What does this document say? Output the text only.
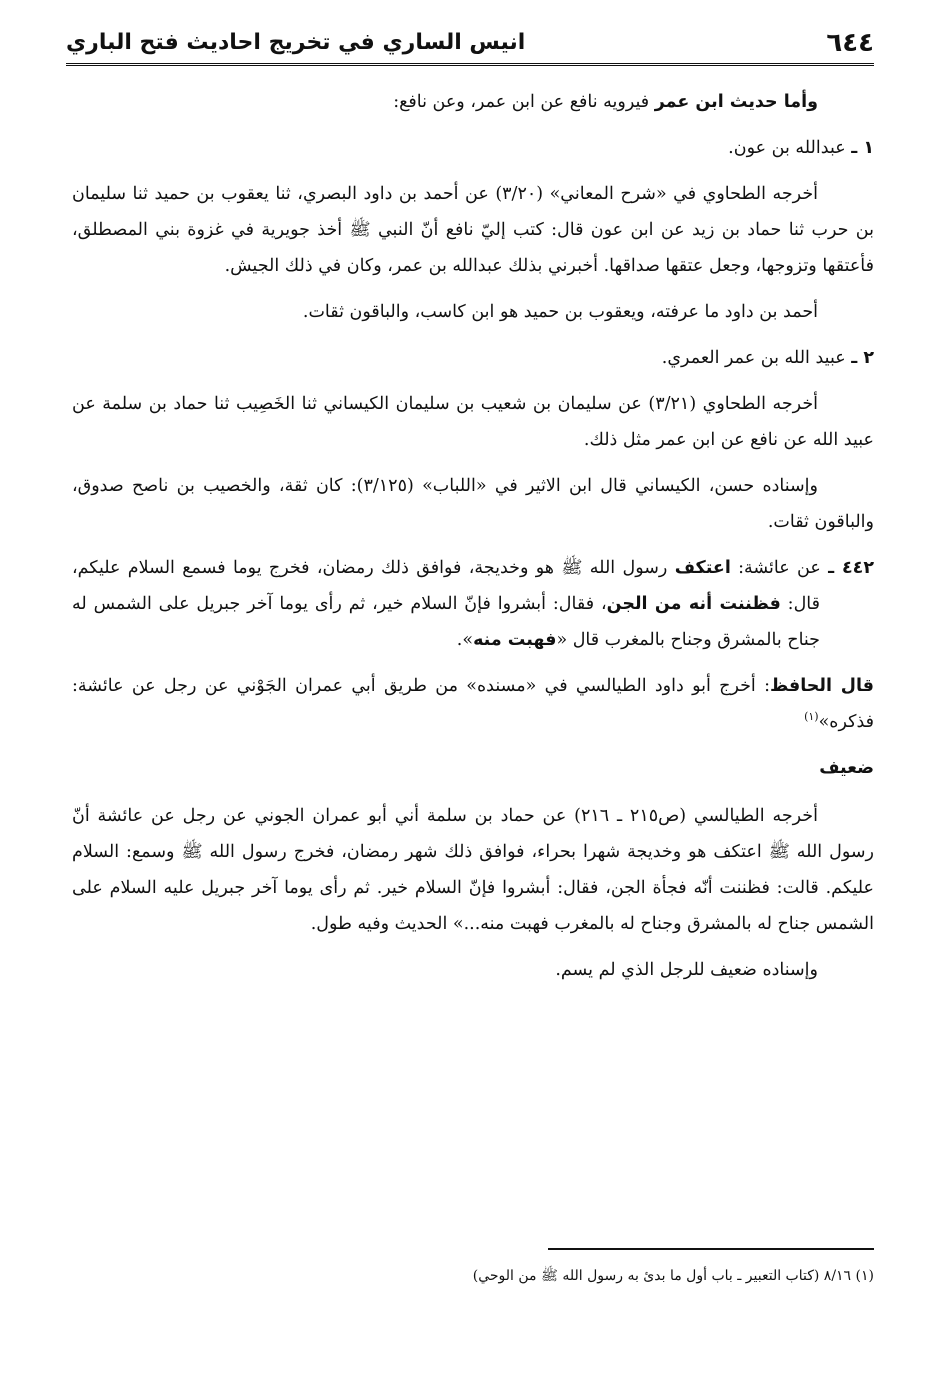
٦٤٤
انيس الساري في تخريج احاديث فتح الباري

وأما حديث ابن عمر فيرويه نافع عن ابن عمر، وعن نافع:

١ ـ عبدالله بن عون.

أخرجه الطحاوي في «شرح المعاني» (٣/٢٠) عن أحمد بن داود البصري، ثنا يعقوب بن حميد ثنا سليمان بن حرب ثنا حماد بن زيد عن ابن عون قال: كتب إليّ نافع أنّ النبي ﷺ أخذ جويرية في غزوة بني المصطلق، فأعتقها وتزوجها، وجعل عتقها صداقها. أخبرني بذلك عبدالله بن عمر، وكان في ذلك الجيش.

أحمد بن داود ما عرفته، ويعقوب بن حميد هو ابن كاسب، والباقون ثقات.

٢ ـ عبيد الله بن عمر العمري.

أخرجه الطحاوي (٣/٢١) عن سليمان بن شعيب بن سليمان الكيساني ثنا الخَصِيب ثنا حماد بن سلمة عن عبيد الله عن نافع عن ابن عمر مثل ذلك.

وإسناده حسن، الكيساني قال ابن الاثير في «اللباب» (٣/١٢٥): كان ثقة، والخصيب بن ناصح صدوق، والباقون ثقات.

٤٤٢ ـ عن عائشة: اعتكف رسول الله ﷺ هو وخديجة، فوافق ذلك رمضان، فخرج يوما فسمع السلام عليكم، قال: فظننت أنه من الجن، فقال: أبشروا فإنّ السلام خير، ثم رأى يوما آخر جبريل على الشمس له جناح بالمشرق وجناح بالمغرب قال «فهبت منه».

قال الحافظ: أخرج أبو داود الطيالسي في «مسنده» من طريق أبي عمران الجَوْني عن رجل عن عائشة: فذكره»$^{(١)}$

ضعيف

أخرجه الطيالسي (ص٢١٥ ـ ٢١٦) عن حماد بن سلمة أني أبو عمران الجوني عن رجل عن عائشة أنّ رسول الله ﷺ اعتكف هو وخديجة شهرا بحراء، فوافق ذلك شهر رمضان، فخرج رسول الله ﷺ وسمع: السلام عليكم. قالت: فظننت أنّه فجأة الجن، فقال: أبشروا فإنّ السلام خير. ثم رأى يوما آخر جبريل عليه السلام على الشمس جناح له بالمشرق وجناح له بالمغرب فهبت منه...» الحديث وفيه طول.

وإسناده ضعيف للرجل الذي لم يسم.

(١) ٨/١٦ (كتاب التعبير ـ باب أول ما بدئ به رسول الله ﷺ من الوحي)
